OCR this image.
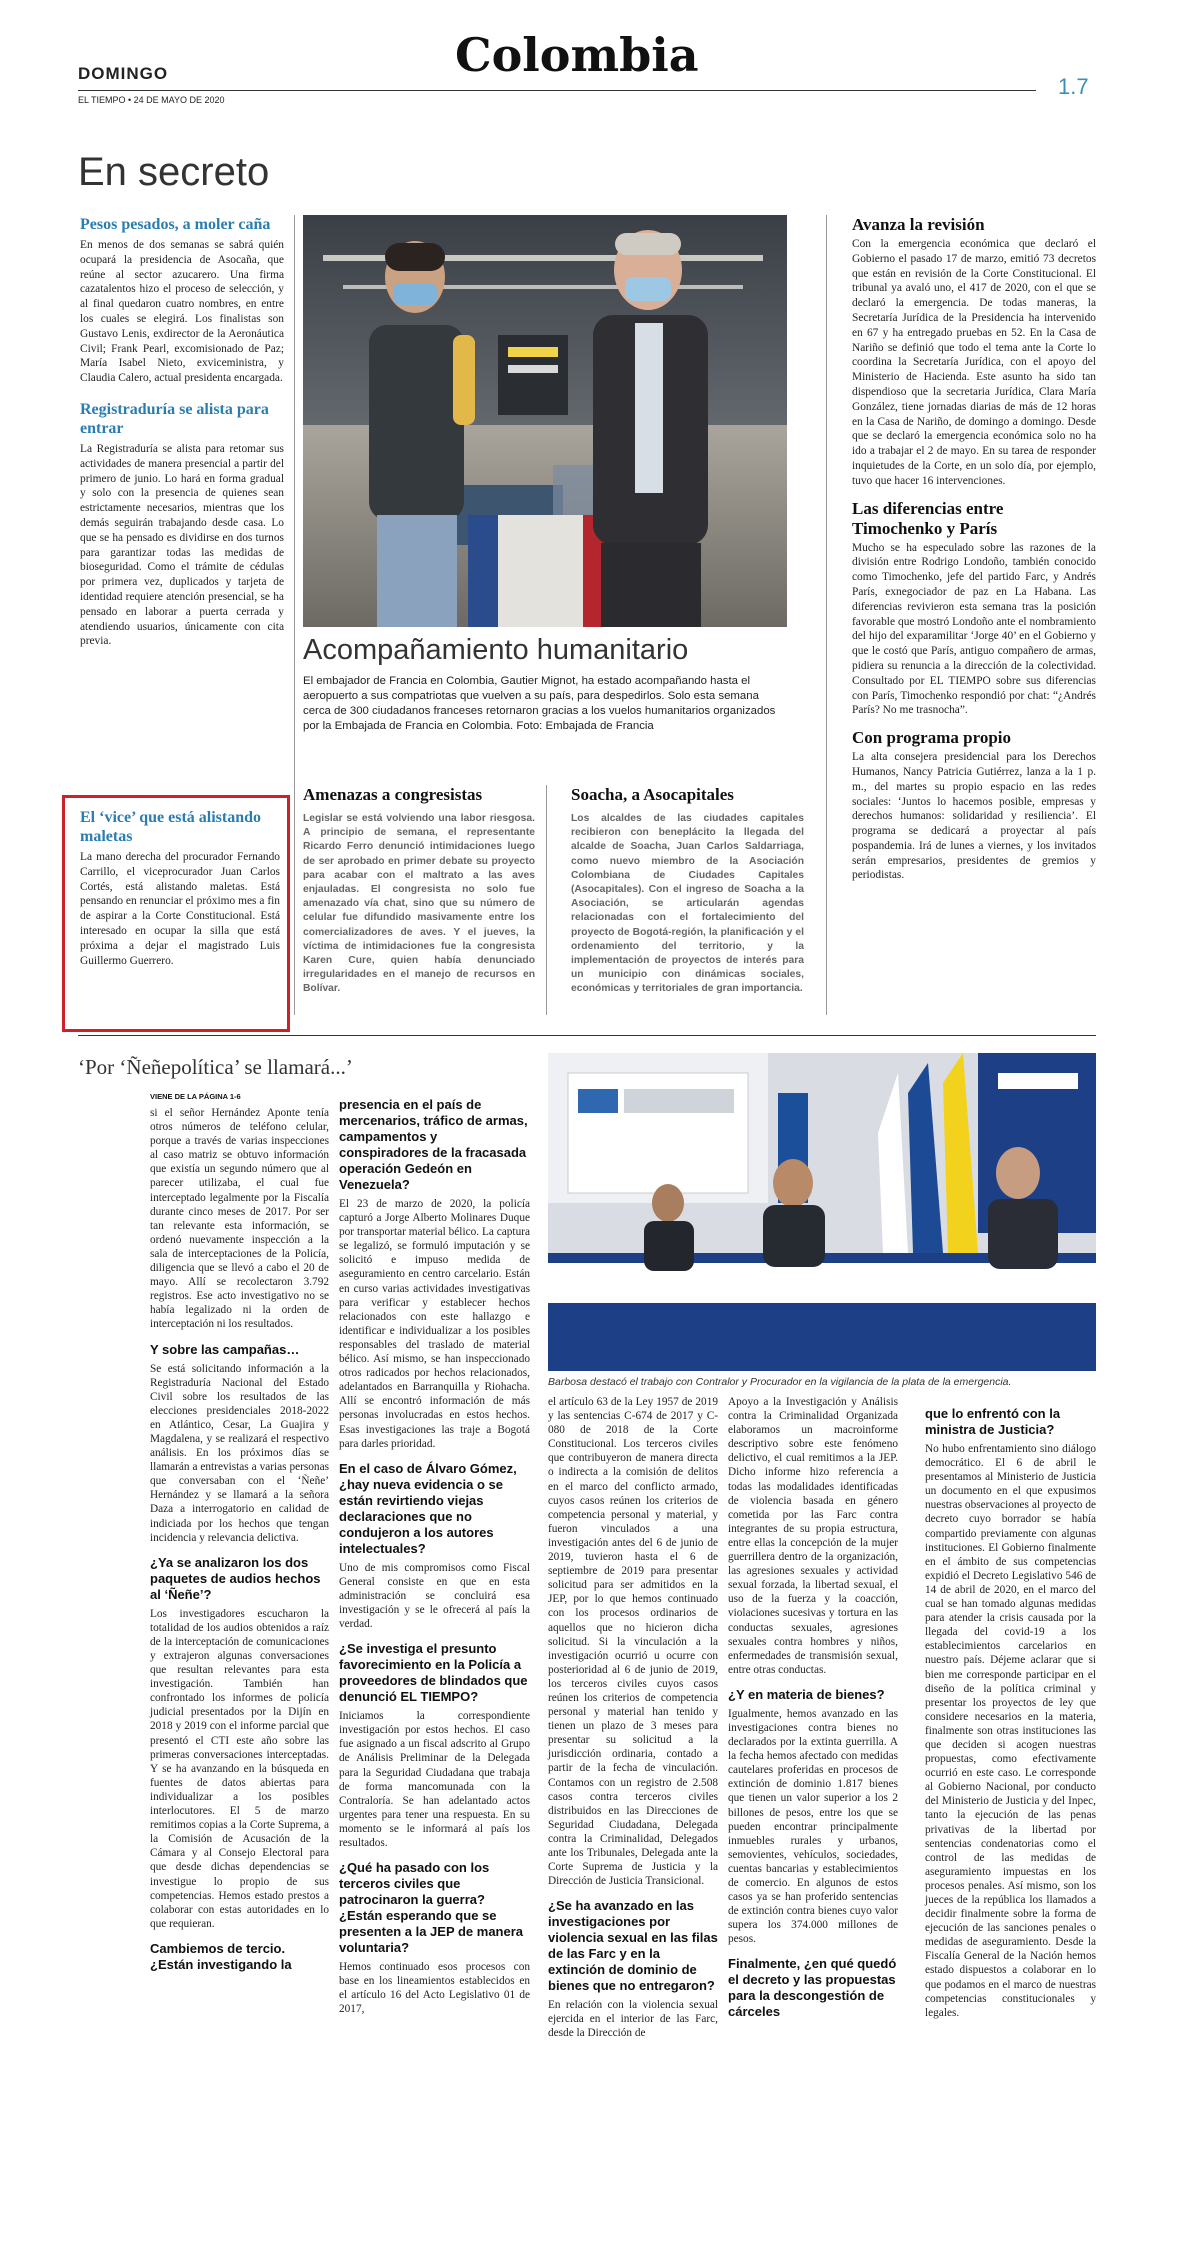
DOMINGO
EL TIEMPO • 24 DE MAYO DE 2020
Colombia
1.7
En secreto
Pesos pesados, a moler caña
En menos de dos semanas se sabrá quién ocupará la presidencia de Asocaña, que reúne al sector azucarero. Una firma cazatalentos hizo el proceso de selección, y al final quedaron cuatro nombres, en entre los cuales se elegirá. Los finalistas son Gustavo Lenis, exdirector de la Aeronáutica Civil; Frank Pearl, excomisionado de Paz; María Isabel Nieto, exviceministra, y Claudia Calero, actual presidenta encargada.
Registraduría se alista para entrar
La Registraduría se alista para retomar sus actividades de manera presencial a partir del primero de junio. Lo hará en forma gradual y solo con la presencia de quienes sean estrictamente necesarios, mientras que los demás seguirán trabajando desde casa. Lo que se ha pensado es dividirse en dos turnos para garantizar todas las medidas de bioseguridad. Como el trámite de cédulas por primera vez, duplicados y tarjeta de identidad requiere atención presencial, se ha pensado en laborar a puerta cerrada y atendiendo usuarios, únicamente con cita previa.
El ‘vice’ que está alistando maletas
La mano derecha del procurador Fernando Carrillo, el viceprocurador Juan Carlos Cortés, está alistando maletas. Está pensando en renunciar el próximo mes a fin de aspirar a la Corte Constitucional. Está interesado en ocupar la silla que está próxima a dejar el magistrado Luis Guillermo Guerrero.
Acompañamiento humanitario
El embajador de Francia en Colombia, Gautier Mignot, ha estado acompañando hasta el aeropuerto a sus compatriotas que vuelven a su país, para despedirlos. Solo esta semana cerca de 300 ciudadanos franceses retornaron gracias a los vuelos humanitarios organizados por la Embajada de Francia en Colombia. Foto: Embajada de Francia
Amenazas a congresistas
Legislar se está volviendo una labor riesgosa. A principio de semana, el representante Ricardo Ferro denunció intimidaciones luego de ser aprobado en primer debate su proyecto para acabar con el maltrato a las aves enjauladas. El congresista no solo fue amenazado vía chat, sino que su número de celular fue difundido masivamente entre los comercializadores de aves. Y el jueves, la víctima de intimidaciones fue la congresista Karen Cure, quien había denunciado irregularidades en el manejo de recursos en Bolívar.
Soacha, a Asocapitales
Los alcaldes de las ciudades capitales recibieron con beneplácito la llegada del alcalde de Soacha, Juan Carlos Saldarriaga, como nuevo miembro de la Asociación Colombiana de Ciudades Capitales (Asocapitales). Con el ingreso de Soacha a la Asociación, se articularán agendas relacionadas con el fortalecimiento del proyecto de Bogotá-región, la planificación y el ordenamiento del territorio, y la implementación de proyectos de interés para un municipio con dinámicas sociales, económicas y territoriales de gran importancia.
Avanza la revisión
Con la emergencia económica que declaró el Gobierno el pasado 17 de marzo, emitió 73 decretos que están en revisión de la Corte Constitucional. El tribunal ya avaló uno, el 417 de 2020, con el que se declaró la emergencia. De todas maneras, la Secretaría Jurídica de la Presidencia ha intervenido en 67 y ha entregado pruebas en 52. En la Casa de Nariño se definió que todo el tema ante la Corte lo coordina la Secretaría Jurídica, con el apoyo del Ministerio de Hacienda. Este asunto ha sido tan dispendioso que la secretaria Jurídica, Clara María González, tiene jornadas diarias de más de 12 horas en la Casa de Nariño, de domingo a domingo. Desde que se declaró la emergencia económica solo no ha ido a trabajar el 2 de mayo. En su tarea de responder inquietudes de la Corte, en un solo día, por ejemplo, tuvo que hacer 16 intervenciones.
Las diferencias entre Timochenko y París
Mucho se ha especulado sobre las razones de la división entre Rodrigo Londoño, también conocido como Timochenko, jefe del partido Farc, y Andrés París, exnegociador de paz en La Habana. Las diferencias revivieron esta semana tras la posición favorable que mostró Londoño ante el nombramiento del hijo del exparamilitar ‘Jorge 40’ en el Gobierno y que le costó que París, antiguo compañero de armas, pidiera su renuncia a la dirección de la colectividad. Consultado por EL TIEMPO sobre sus diferencias con París, Timochenko respondió por chat: “¿Andrés París? No me trasnocha”.
Con programa propio
La alta consejera presidencial para los Derechos Humanos, Nancy Patricia Gutiérrez, lanza a la 1 p. m., del martes su propio espacio en las redes sociales: ‘Juntos lo hacemos posible, empresas y derechos humanos: solidaridad y resiliencia’. El programa se dedicará a proyectar al país pospandemia. Irá de lunes a viernes, y los invitados serán empresarios, presidentes de gremios y periodistas.
‘Por ‘Ñeñepolítica’ se llamará...’
Barbosa destacó el trabajo con Contralor y Procurador en la vigilancia de la plata de la emergencia.
VIENE DE LA PÁGINA 1-6
si el señor Hernández Aponte tenía otros números de teléfono celular, porque a través de varias inspecciones al caso matriz se obtuvo información que existía un segundo número que al parecer utilizaba, el cual fue interceptado legalmente por la Fiscalía durante cinco meses de 2017. Por ser tan relevante esta información, se ordenó nuevamente inspección a la sala de interceptaciones de la Policía, diligencia que se llevó a cabo el 20 de mayo. Allí se recolectaron 3.792 registros. Ese acto investigativo no se había legalizado ni la orden de interceptación ni los resultados.
Y sobre las campañas…
Se está solicitando información a la Registraduría Nacional del Estado Civil sobre los resultados de las elecciones presidenciales 2018-2022 en Atlántico, Cesar, La Guajira y Magdalena, y se realizará el respectivo análisis. En los próximos días se llamarán a entrevistas a varias personas que conversaban con el ‘Ñeñe’ Hernández y se llamará a la señora Daza a interrogatorio en calidad de indiciada por los hechos que tengan incidencia y relevancia delictiva.
¿Ya se analizaron los dos paquetes de audios hechos al ‘Ñeñe’?
Los investigadores escucharon la totalidad de los audios obtenidos a raíz de la interceptación de comunicaciones y extrajeron algunas conversaciones que resultan relevantes para esta investigación. También han confrontado los informes de policía judicial presentados por la Dijín en 2018 y 2019 con el informe parcial que presentó el CTI este año sobre las primeras conversaciones interceptadas. Y se ha avanzando en la búsqueda en fuentes de datos abiertas para individualizar a los posibles interlocutores. El 5 de marzo remitimos copias a la Corte Suprema, a la Comisión de Acusación de la Cámara y al Consejo Electoral para que desde dichas dependencias se investigue lo propio de sus competencias. Hemos estado prestos a colaborar con estas autoridades en lo que requieran.
Cambiemos de tercio. ¿Están investigando la
presencia en el país de mercenarios, tráfico de armas, campamentos y conspiradores de la fracasada operación Gedeón en Venezuela?
El 23 de marzo de 2020, la policía capturó a Jorge Alberto Molinares Duque por transportar material bélico. La captura se legalizó, se formuló imputación y se solicitó e impuso medida de aseguramiento en centro carcelario. Están en curso varias actividades investigativas para verificar y establecer hechos relacionados con este hallazgo e identificar e individualizar a los posibles responsables del traslado de material bélico. Así mismo, se han inspeccionado otros radicados por hechos relacionados, adelantados en Barranquilla y Riohacha. Allí se encontró información de más personas involucradas en estos hechos. Esas investigaciones las traje a Bogotá para darles prioridad.
En el caso de Álvaro Gómez, ¿hay nueva evidencia o se están revirtiendo viejas declaraciones que no condujeron a los autores intelectuales?
Uno de mis compromisos como Fiscal General consiste en que en esta administración se concluirá esa investigación y se le ofrecerá al país la verdad.
¿Se investiga el presunto favorecimiento en la Policía a proveedores de blindados que denunció EL TIEMPO?
Iniciamos la correspondiente investigación por estos hechos. El caso fue asignado a un fiscal adscrito al Grupo de Análisis Preliminar de la Delegada para la Seguridad Ciudadana que trabaja de forma mancomunada con la Contraloría. Se han adelantado actos urgentes para tener una respuesta. En su momento se le informará al país los resultados.
¿Qué ha pasado con los terceros civiles que patrocinaron la guerra? ¿Están esperando que se presenten a la JEP de manera voluntaria?
Hemos continuado esos procesos con base en los lineamientos establecidos en el artículo 16 del Acto Legislativo 01 de 2017,
el artículo 63 de la Ley 1957 de 2019 y las sentencias C-674 de 2017 y C-080 de 2018 de la Corte Constitucional. Los terceros civiles que contribuyeron de manera directa o indirecta a la comisión de delitos en el marco del conflicto armado, cuyos casos reúnen los criterios de competencia personal y material, y fueron vinculados a una investigación antes del 6 de junio de 2019, tuvieron hasta el 6 de septiembre de 2019 para presentar solicitud para ser admitidos en la JEP, por lo que hemos continuado con los procesos ordinarios de aquellos que no hicieron dicha solicitud. Si la vinculación a la investigación ocurrió u ocurre con posterioridad al 6 de junio de 2019, los terceros civiles cuyos casos reúnen los criterios de competencia personal y material han tenido y tienen un plazo de 3 meses para presentar su solicitud a la jurisdicción ordinaria, contado a partir de la fecha de vinculación. Contamos con un registro de 2.508 casos contra terceros civiles distribuidos en las Direcciones de Seguridad Ciudadana, Delegada contra la Criminalidad, Delegados ante los Tribunales, Delegada ante la Corte Suprema de Justicia y la Dirección de Justicia Transicional.
¿Se ha avanzado en las investigaciones por violencia sexual en las filas de las Farc y en la extinción de dominio de bienes que no entregaron?
En relación con la violencia sexual ejercida en el interior de las Farc, desde la Dirección de
Apoyo a la Investigación y Análisis contra la Criminalidad Organizada elaboramos un macroinforme descriptivo sobre este fenómeno delictivo, el cual remitimos a la JEP. Dicho informe hizo referencia a todas las modalidades identificadas de violencia basada en género cometida por las Farc contra integrantes de su propia estructura, entre ellas la concepción de la mujer guerrillera dentro de la organización, las agresiones sexuales y actividad sexual forzada, la libertad sexual, el uso de la fuerza y la coacción, violaciones sucesivas y tortura en las conductas sexuales, agresiones sexuales contra hombres y niños, enfermedades de transmisión sexual, entre otras conductas.
¿Y en materia de bienes?
Igualmente, hemos avanzado en las investigaciones contra bienes no declarados por la extinta guerrilla. A la fecha hemos afectado con medidas cautelares proferidas en procesos de extinción de dominio 1.817 bienes que tienen un valor superior a los 2 billones de pesos, entre los que se pueden encontrar principalmente inmuebles rurales y urbanos, semovientes, vehículos, sociedades, cuentas bancarias y establecimientos de comercio. En algunos de estos casos ya se han proferido sentencias de extinción contra bienes cuyo valor supera los 374.000 millones de pesos.
Finalmente, ¿en qué quedó el decreto y las propuestas para la descongestión de cárceles
que lo enfrentó con la ministra de Justicia?
No hubo enfrentamiento sino diálogo democrático. El 6 de abril le presentamos al Ministerio de Justicia un documento en el que expusimos nuestras observaciones al proyecto de decreto cuyo borrador se había compartido previamente con algunas instituciones. El Gobierno finalmente en el ámbito de sus competencias expidió el Decreto Legislativo 546 de 14 de abril de 2020, en el marco del cual se han tomado algunas medidas para atender la crisis causada por la llegada del covid-19 a los establecimientos carcelarios en nuestro país. Déjeme aclarar que si bien me corresponde participar en el diseño de la política criminal y presentar los proyectos de ley que considere necesarios en la materia, finalmente son otras instituciones las que deciden si acogen nuestras propuestas, como efectivamente ocurrió en este caso. Le corresponde al Gobierno Nacional, por conducto del Ministerio de Justicia y del Inpec, tanto la ejecución de las penas privativas de la libertad por sentencias condenatorias como el control de las medidas de aseguramiento impuestas en los procesos penales. Así mismo, son los jueces de la república los llamados a decidir finalmente sobre la forma de ejecución de las sanciones penales o medidas de aseguramiento. Desde la Fiscalía General de la Nación hemos estado dispuestos a colaborar en lo que podamos en el marco de nuestras competencias constitucionales y legales.
